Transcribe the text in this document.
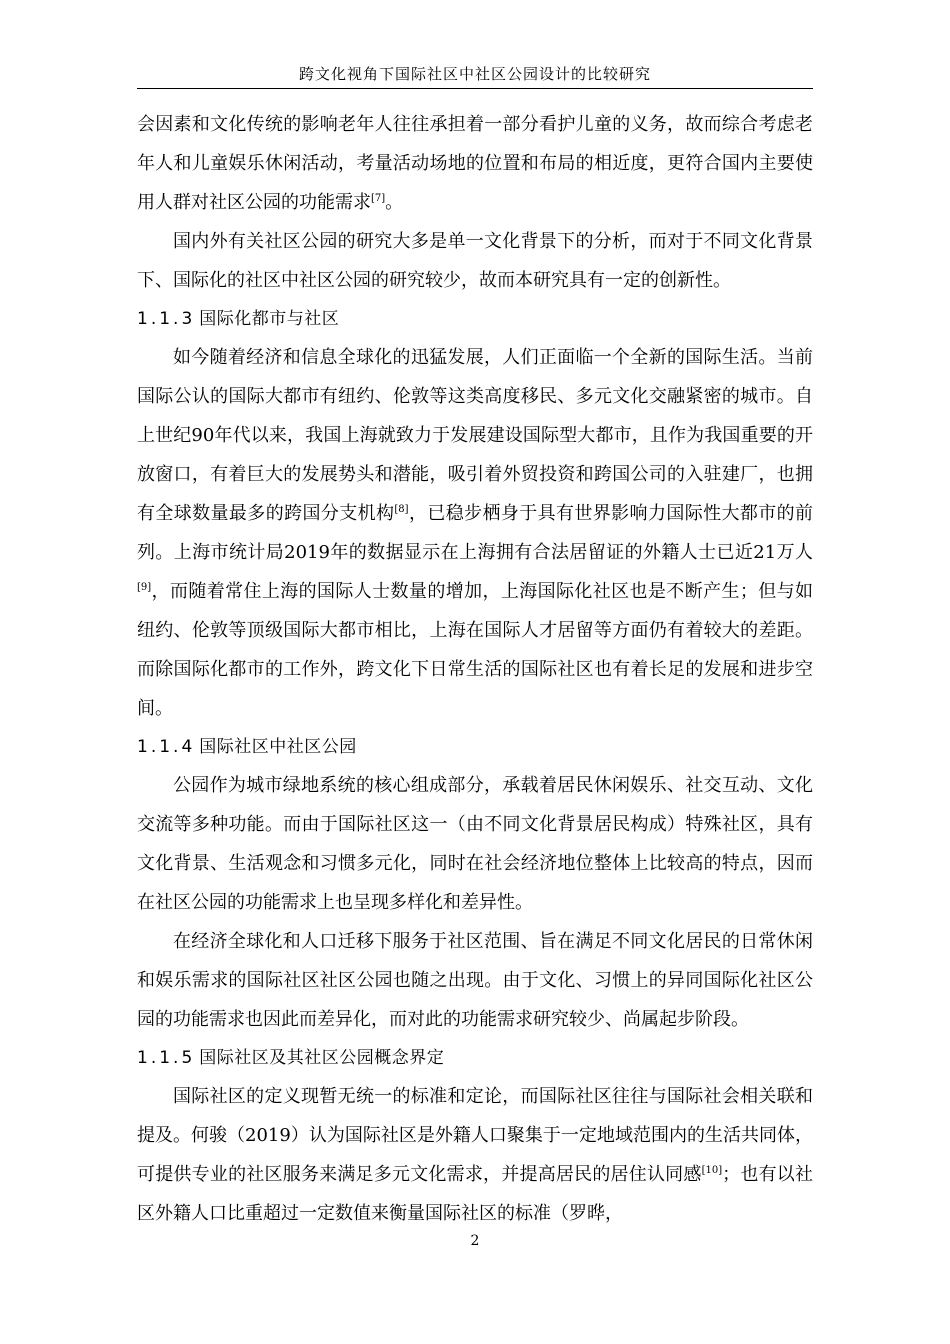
跨文化视角下国际社区中社区公园设计的比较研究

会因素和文化传统的影响老年人往往承担着一部分看护儿童的义务，故而综合考虑老年人和儿童娱乐休闲活动，考量活动场地的位置和布局的相近度，更符合国内主要使用人群对社区公园的功能需求[7]。

国内外有关社区公园的研究大多是单一文化背景下的分析，而对于不同文化背景下、国际化的社区中社区公园的研究较少，故而本研究具有一定的创新性。

1.1.3 国际化都市与社区

如今随着经济和信息全球化的迅猛发展，人们正面临一个全新的国际生活。当前国际公认的国际大都市有纽约、伦敦等这类高度移民、多元文化交融紧密的城市。自上世纪90年代以来，我国上海就致力于发展建设国际型大都市，且作为我国重要的开放窗口，有着巨大的发展势头和潜能，吸引着外贸投资和跨国公司的入驻建厂，也拥有全球数量最多的跨国分支机构[8]，已稳步栖身于具有世界影响力国际性大都市的前列。上海市统计局2019年的数据显示在上海拥有合法居留证的外籍人士已近21万人[9]，而随着常住上海的国际人士数量的增加，上海国际化社区也是不断产生；但与如纽约、伦敦等顶级国际大都市相比，上海在国际人才居留等方面仍有着较大的差距。而除国际化都市的工作外，跨文化下日常生活的国际社区也有着长足的发展和进步空间。

1.1.4 国际社区中社区公园

公园作为城市绿地系统的核心组成部分，承载着居民休闲娱乐、社交互动、文化交流等多种功能。而由于国际社区这一（由不同文化背景居民构成）特殊社区，具有文化背景、生活观念和习惯多元化，同时在社会经济地位整体上比较高的特点，因而在社区公园的功能需求上也呈现多样化和差异性。

在经济全球化和人口迁移下服务于社区范围、旨在满足不同文化居民的日常休闲和娱乐需求的国际社区社区公园也随之出现。由于文化、习惯上的异同国际化社区公园的功能需求也因此而差异化，而对此的功能需求研究较少、尚属起步阶段。

1.1.5 国际社区及其社区公园概念界定

国际社区的定义现暂无统一的标准和定论，而国际社区往往与国际社会相关联和提及。何骏（2019）认为国际社区是外籍人口聚集于一定地域范围内的生活共同体，可提供专业的社区服务来满足多元文化需求，并提高居民的居住认同感[10]；也有以社区外籍人口比重超过一定数值来衡量国际社区的标准（罗晔，

2
